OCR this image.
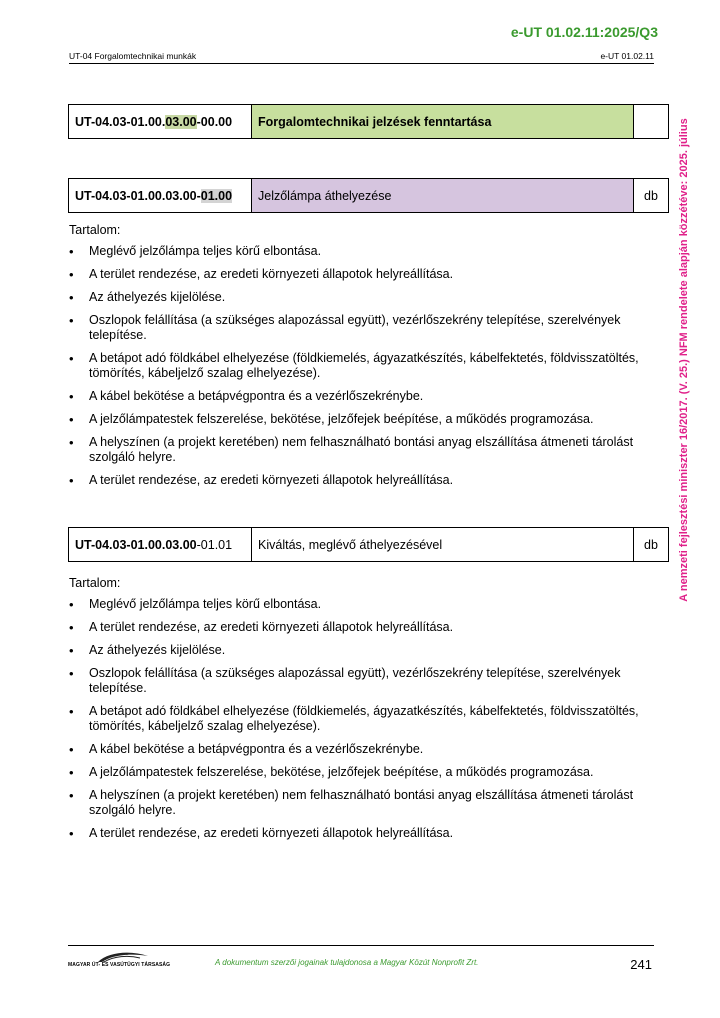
e-UT 01.02.11:2025/Q3
UT-04 Forgalomtechnikai munkák	e-UT 01.02.11
A nemzeti fejlesztési miniszter 16/2017. (V. 25.) NFM rendelete alapján közzétéve: 2025. július
UT-04.03-01.00.03.00-00.00	Forgalomtechnikai jelzések fenntartása	
UT-04.03-01.00.03.00-01.00	Jelzőlámpa áthelyezése	db
Tartalom:
• Meglévő jelzőlámpa teljes körű elbontása.
• A terület rendezése, az eredeti környezeti állapotok helyreállítása.
• Az áthelyezés kijelölése.
• Oszlopok felállítása (a szükséges alapozással együtt), vezérlőszekrény telepítése, szerelvények telepítése.
• A betápot adó földkábel elhelyezése (földkiemelés, ágyazatkészítés, kábelfektetés, földvisszatöltés, tömörítés, kábeljelző szalag elhelyezése).
• A kábel bekötése a betápvégpontra és a vezérlőszekrénybe.
• A jelzőlámpatestek felszerelése, bekötése, jelzőfejek beépítése, a működés programozása.
• A helyszínen (a projekt keretében) nem felhasználható bontási anyag elszállítása átmeneti tárolást szolgáló helyre.
• A terület rendezése, az eredeti környezeti állapotok helyreállítása.
UT-04.03-01.00.03.00-01.01	Kiváltás, meglévő áthelyezésével	db
Tartalom:
• Meglévő jelzőlámpa teljes körű elbontása.
• A terület rendezése, az eredeti környezeti állapotok helyreállítása.
• Az áthelyezés kijelölése.
• Oszlopok felállítása (a szükséges alapozással együtt), vezérlőszekrény telepítése, szerelvények telepítése.
• A betápot adó földkábel elhelyezése (földkiemelés, ágyazatkészítés, kábelfektetés, földvisszatöltés, tömörítés, kábeljelző szalag elhelyezése).
• A kábel bekötése a betápvégpontra és a vezérlőszekrénybe.
• A jelzőlámpatestek felszerelése, bekötése, jelzőfejek beépítése, a működés programozása.
• A helyszínen (a projekt keretében) nem felhasználható bontási anyag elszállítása átmeneti tárolást szolgáló helyre.
• A terület rendezése, az eredeti környezeti állapotok helyreállítása.
MAGYAR ÚT- ÉS VASÚTÜGYI TÁRSASÁG	A dokumentum szerzői jogainak tulajdonosa a Magyar Közút Nonprofit Zrt.	241
